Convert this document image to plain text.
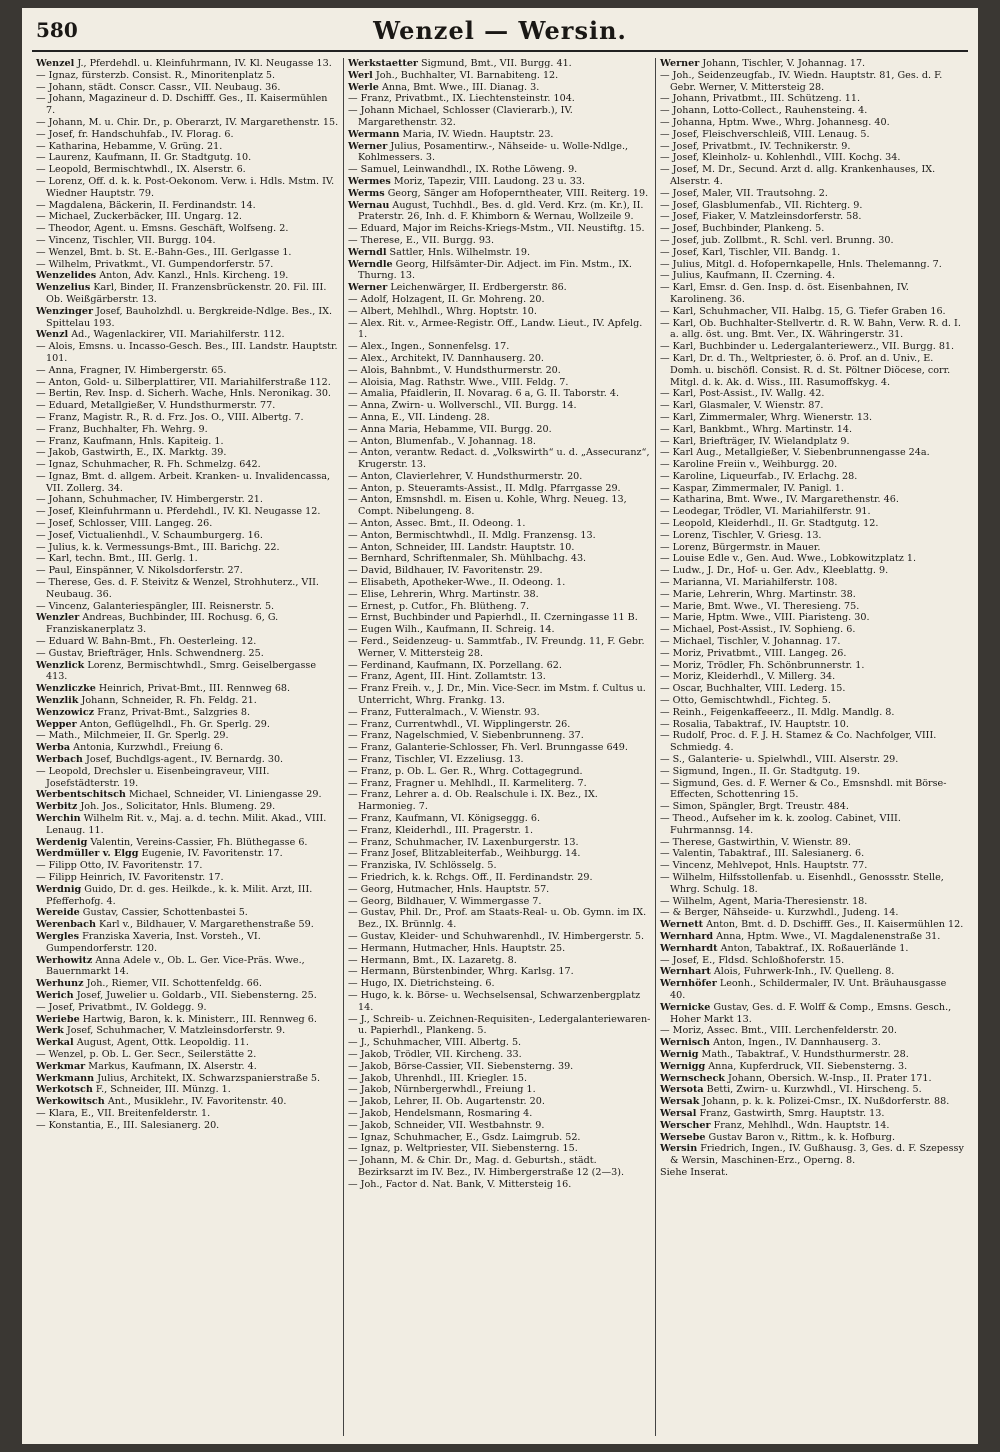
580	Wenzel — Wersin.

Wenzel J., Pferdehdl. u. Kleinfuhrmann, IV. Kl. Neugasse 13.

— Ignaz, fürsterzb. Consist. R., Minoritenplatz 5.

— Johann, städt. Conscr. Cassr., VII. Neubaug. 36.

— Johann, Magazineur d. D. Dschifff. Ges., II. Kaisermühlen 7.

— Johann, M. u. Chir. Dr., p. Oberarzt, IV. Margarethenstr. 15.

— Josef, fr. Handschuhfab., IV. Florag. 6.

— Katharina, Hebamme, V. Grüng. 21.

— Laurenz, Kaufmann, II. Gr. Stadtgutg. 10.

— Leopold, Bermischtwhdl., IX. Alserstr. 6.

— Lorenz, Off. d. k. k. Post-Oekonom. Verw. i. Hdls. Mstm. IV. Wiedner Hauptstr. 79.

— Magdalena, Bäckerin, II. Ferdinandstr. 14.

— Michael, Zuckerbäcker, III. Ungarg. 12.

— Theodor, Agent. u. Emsns. Geschäft, Wolfseng. 2.

— Vincenz, Tischler, VII. Burgg. 104.

— Wenzel, Bmt. b. St. E.-Bahn-Ges., III. Gerlgasse 1.

— Wilhelm, Privatkmt., VI. Gumpendorferstr. 57.

Wenzelides Anton, Adv. Kanzl., Hnls. Kircheng. 19.

Wenzelius Karl, Binder, II. Franzensbrückenstr. 20. Fil. III. Ob. Weißgärberstr. 13.

Wenzinger Josef, Bauholzhdl. u. Bergkreide-Ndlge. Bes., IX. Spittelau 193.

Wenzl Ad., Wagenlackirer, VII. Mariahilferstr. 112.

— Alois, Emsns. u. Incasso-Gesch. Bes., III. Landstr. Hauptstr. 101.

— Anna, Fragner, IV. Himbergerstr. 65.

— Anton, Gold- u. Silberplattirer, VII. Mariahilferstraße 112.

— Bertin, Rev. Insp. d. Sicherh. Wache, Hnls. Neronikag. 30.

— Eduard, Metallgießer, V. Hundsthurmerstr. 77.

— Franz, Magistr. R., R. d. Frz. Jos. O., VIII. Albertg. 7.

— Franz, Buchhalter, Fh. Wehrg. 9.

— Franz, Kaufmann, Hnls. Kapiteig. 1.

— Jakob, Gastwirth, E., IX. Marktg. 39.

— Ignaz, Schuhmacher, R. Fh. Schmelzg. 642.

— Ignaz, Bmt. d. allgem. Arbeit. Kranken- u. Invalidencassa, VII. Zollerg. 34.

— Johann, Schuhmacher, IV. Himbergerstr. 21.

— Josef, Kleinfuhrmann u. Pferdehdl., IV. Kl. Neugasse 12.

— Josef, Schlosser, VIII. Langeg. 26.

— Josef, Victualienhdl., V. Schaumburgerg. 16.

— Julius, k. k. Vermessungs-Bmt., III. Barichg. 22.

— Karl, techn. Bmt., III. Gerlg. 1.

— Paul, Einspänner, V. Nikolsdorferstr. 27.

— Therese, Ges. d. F. Steivitz & Wenzel, Strohhuterz., VII. Neubaug. 36.

— Vincenz, Galanteriespängler, III. Reisnerstr. 5.

Wenzler Andreas, Buchbinder, III. Rochusg. 6, G. Franziskanerplatz 3.

— Eduard W. Bahn-Bmt., Fh. Oesterleing. 12.

— Gustav, Briefträger, Hnls. Schwendnerg. 25.

Wenzlick Lorenz, Bermischtwhdl., Smrg. Geiselbergasse 413.

Wenzliczke Heinrich, Privat-Bmt., III. Rennweg 68.

Wenzlik Johann, Schneider, R. Fh. Feldg. 21.

Wenzowicz Franz, Privat-Bmt., Salzgries 8.

Wepper Anton, Geflügelhdl., Fh. Gr. Sperlg. 29.

— Math., Milchmeier, II. Gr. Sperlg. 29.

Werba Antonia, Kurzwhdl., Freiung 6.

Werbach Josef, Buchdlgs-agent., IV. Bernardg. 30.

— Leopold, Drechsler u. Eisenbeingraveur, VIII. Josefstädterstr. 19.

Werbentschitsch Michael, Schneider, VI. Liniengasse 29.

Werbitz Joh. Jos., Solicitator, Hnls. Blumeng. 29.

Werchin Wilhelm Rit. v., Maj. a. d. techn. Milit. Akad., VIII. Lenaug. 11.

Werdenig Valentin, Vereins-Cassier, Fh. Blüthegasse 6.

Werdmüller v. Elgg Eugenie, IV. Favoritenstr. 17.

— Filipp Otto, IV. Favoritenstr. 17.

— Filipp Heinrich, IV. Favoritenstr. 17.

Werdnig Guido, Dr. d. ges. Heilkde., k. k. Milit. Arzt, III. Pfefferhofg. 4.

Wereide Gustav, Cassier, Schottenbastei 5.

Werenbach Karl v., Bildhauer, V. Margarethenstraße 59.

Wergles Franziska Xaveria, Inst. Vorsteh., VI. Gumpendorferstr. 120.

Werhowitz Anna Adele v., Ob. L. Ger. Vice-Präs. Wwe., Bauernmarkt 14.

Werhunz Joh., Riemer, VII. Schottenfeldg. 66.

Werich Josef, Juwelier u. Goldarb., VII. Siebensterng. 25.

— Josef, Privatbmt., IV. Goldegg. 9.

Weriebe Hartwig, Baron, k. k. Ministerr., III. Rennweg 6.

Werk Josef, Schuhmacher, V. Matzleinsdorferstr. 9.

Werkal August, Agent, Ottk. Leopoldig. 11.

— Wenzel, p. Ob. L. Ger. Secr., Seilerstätte 2.

Werkmar Markus, Kaufmann, IX. Alserstr. 4.

Werkmann Julius, Architekt, IX. Schwarzspanierstraße 5.

Werkotsch F., Schneider, III. Münzg. 1.

Werkowitsch Ant., Musiklehr., IV. Favoritenstr. 40.

— Klara, E., VII. Breitenfelderstr. 1.

— Konstantia, E., III. Salesianerg. 20.

Werkstaetter Sigmund, Bmt., VII. Burgg. 41.

Werl Joh., Buchhalter, VI. Barnabiteng. 12.

Werle Anna, Bmt. Wwe., III. Dianag. 3.

— Franz, Privatbmt., IX. Liechtensteinstr. 104.

— Johann Michael, Schlosser (Clavierarb.), IV. Margarethenstr. 32.

Wermann Maria, IV. Wiedn. Hauptstr. 23.

Werner Julius, Posamentirw.-, Nähseide- u. Wolle-Ndlge., Kohlmessers. 3.

— Samuel, Leinwandhdl., IX. Rothe Löweng. 9.

Wermes Moriz, Tapezir, VIII. Laudong. 23 u. 33.

Werms Georg, Sänger am Hofoperntheater, VIII. Reiterg. 19.

Wernau August, Tuchhdl., Bes. d. gld. Verd. Krz. (m. Kr.), II. Praterstr. 26, Inh. d. F. Khimborn & Wernau, Wollzeile 9.

— Eduard, Major im Reichs-Kriegs-Mstm., VII. Neustiftg. 15.

— Therese, E., VII. Burgg. 93.

Werndl Sattler, Hnls. Wilhelmstr. 19.

Werndle Georg, Hilfsämter-Dir. Adject. im Fin. Mstm., IX. Thurng. 13.

Werner Leichenwärger, II. Erdbergerstr. 86.

— Adolf, Holzagent, II. Gr. Mohreng. 20.

— Albert, Mehlhdl., Whrg. Hoptstr. 10.

— Alex. Rit. v., Armee-Registr. Off., Landw. Lieut., IV. Apfelg. 1.

— Alex., Ingen., Sonnenfelsg. 17.

— Alex., Architekt, IV. Dannhauserg. 20.

— Alois, Bahnbmt., V. Hundsthurmerstr. 20.

— Aloisia, Mag. Rathstr. Wwe., VIII. Feldg. 7.

— Amalia, Pfaidlerin, II. Novarag. 6 a, G. II. Taborstr. 4.

— Anna, Zwirn- u. Wollverschl., VII. Burgg. 14.

— Anna, E., VII. Lindeng. 28.

— Anna Maria, Hebamme, VII. Burgg. 20.

— Anton, Blumenfab., V. Johannag. 18.

— Anton, verantw. Redact. d. „Volkswirth“ u. d. „Assecuranz“, Krugerstr. 13.

— Anton, Clavierlehrer, V. Hundsthurmerstr. 20.

— Anton, p. Steueramts-Assist., II. Mdlg. Pfarrgasse 29.

— Anton, Emsnshdl. m. Eisen u. Kohle, Whrg. Neueg. 13, Compt. Nibelungeng. 8.

— Anton, Assec. Bmt., II. Odeong. 1.

— Anton, Bermischtwhdl., II. Mdlg. Franzensg. 13.

— Anton, Schneider, III. Landstr. Hauptstr. 10.

— Bernhard, Schriftenmaler, Sh. Mühlbachg. 43.

— David, Bildhauer, IV. Favoritenstr. 29.

— Elisabeth, Apotheker-Wwe., II. Odeong. 1.

— Elise, Lehrerin, Whrg. Martinstr. 38.

— Ernest, p. Cutfor., Fh. Blütheng. 7.

— Ernst, Buchbinder und Papierhdl., II. Czerningasse 11 B.

— Eugen Wilh., Kaufmann, II. Schreig. 14.

— Ferd., Seidenzeug- u. Sammtfab., IV. Freundg. 11, F. Gebr. Werner, V. Mittersteig 28.

— Ferdinand, Kaufmann, IX. Porzellang. 62.

— Franz, Agent, III. Hint. Zollamtstr. 13.

— Franz Freih. v., J. Dr., Min. Vice-Secr. im Mstm. f. Cultus u. Unterricht, Whrg. Frankg. 13.

— Franz, Futteralmach., V. Wienstr. 93.

— Franz, Currentwhdl., VI. Wipplingerstr. 26.

— Franz, Nagelschmied, V. Siebenbrunneng. 37.

— Franz, Galanterie-Schlosser, Fh. Verl. Brunngasse 649.

— Franz, Tischler, VI. Ezzeliusg. 13.

— Franz, p. Ob. L. Ger. R., Whrg. Cottagegrund.

— Franz, Fragner u. Mehlhdl., II. Karmeliterg. 7.

— Franz, Lehrer a. d. Ob. Realschule i. IX. Bez., IX. Harmonieg. 7.

— Franz, Kaufmann, VI. Königseggg. 6.

— Franz, Kleiderhdl., III. Pragerstr. 1.

— Franz, Schuhmacher, IV. Laxenburgerstr. 13.

— Franz Josef, Blitzableiterfab., Weihburgg. 14.

— Franziska, IV. Schlösselg. 5.

— Friedrich, k. k. Rchgs. Off., II. Ferdinandstr. 29.

— Georg, Hutmacher, Hnls. Hauptstr. 57.

— Georg, Bildhauer, V. Wimmergasse 7.

— Gustav, Phil. Dr., Prof. am Staats-Real- u. Ob. Gymn. im IX. Bez., IX. Brünnlg. 4.

— Gustav, Kleider- und Schuhwarenhdl., IV. Himbergerstr. 5.

— Hermann, Hutmacher, Hnls. Hauptstr. 25.

— Hermann, Bmt., IX. Lazaretg. 8.

— Hermann, Bürstenbinder, Whrg. Karlsg. 17.

— Hugo, IX. Dietrichsteing. 6.

— Hugo, k. k. Börse- u. Wechselsensal, Schwarzenbergplatz 14.

— J., Schreib- u. Zeichnen-Requisiten-, Ledergalanteriewaren- u. Papierhdl., Plankeng. 5.

— J., Schuhmacher, VIII. Albertg. 5.

— Jakob, Trödler, VII. Kircheng. 33.

— Jakob, Börse-Cassier, VII. Siebensterng. 39.

— Jakob, Uhrenhdl., III. Kriegler. 15.

— Jakob, Nürnbergerwhdl., Freiung 1.

— Jakob, Lehrer, II. Ob. Augartenstr. 20.

— Jakob, Hendelsmann, Rosmaring 4.

— Jakob, Schneider, VII. Westbahnstr. 9.

— Ignaz, Schuhmacher, E., Gsdz. Laimgrub. 52.

— Ignaz, p. Weltpriester, VII. Siebensterng. 15.

— Johann, M. & Chir. Dr., Mag. d. Geburtsh., städt. Bezirksarzt im IV. Bez., IV. Himbergerstraße 12 (2—3).

— Joh., Factor d. Nat. Bank, V. Mittersteig 16.

Werner Johann, Tischler, V. Johannag. 17.

— Joh., Seidenzeugfab., IV. Wiedn. Hauptstr. 81, Ges. d. F. Gebr. Werner, V. Mittersteig 28.

— Johann, Privatbmt., III. Schützeng. 11.

— Johann, Lotto-Collect., Rauhensteing. 4.

— Johanna, Hptm. Wwe., Whrg. Johannesg. 40.

— Josef, Fleischverschleiß, VIII. Lenaug. 5.

— Josef, Privatbmt., IV. Technikerstr. 9.

— Josef, Kleinholz- u. Kohlenhdl., VIII. Kochg. 34.

— Josef, M. Dr., Secund. Arzt d. allg. Krankenhauses, IX. Alserstr. 4.

— Josef, Maler, VII. Trautsohng. 2.

— Josef, Glasblumenfab., VII. Richterg. 9.

— Josef, Fiaker, V. Matzleinsdorferstr. 58.

— Josef, Buchbinder, Plankeng. 5.

— Josef, jub. Zollbmt., R. Schl. verl. Brunng. 30.

— Josef, Karl, Tischler, VII. Bandg. 1.

— Julius, Mitgl. d. Hofopernkapelle, Hnls. Thelemanng. 7.

— Julius, Kaufmann, II. Czerning. 4.

— Karl, Emsr. d. Gen. Insp. d. öst. Eisenbahnen, IV. Karolineng. 36.

— Karl, Schuhmacher, VII. Halbg. 15, G. Tiefer Graben 16.

— Karl, Ob. Buchhalter-Stellvertr. d. R. W. Bahn, Verw. R. d. I. a. allg. öst. ung. Bmt. Ver., IX. Währingerstr. 31.

— Karl, Buchbinder u. Ledergalanteriewerz., VII. Burgg. 81.

— Karl, Dr. d. Th., Weltpriester, ö. ö. Prof. an d. Univ., E. Domh. u. bischöfl. Consist. R. d. St. Pöltner Diöcese, corr. Mitgl. d. k. Ak. d. Wiss., III. Rasumoffskyg. 4.

— Karl, Post-Assist., IV. Wallg. 42.

— Karl, Glasmaler, V. Wienstr. 87.

— Karl, Zimmermaler, Whrg. Wienerstr. 13.

— Karl, Bankbmt., Whrg. Martinstr. 14.

— Karl, Briefträger, IV. Wielandplatz 9.

— Karl Aug., Metallgießer, V. Siebenbrunnengasse 24a.

— Karoline Freiin v., Weihburgg. 20.

— Karoline, Liqueurfab., IV. Erlachg. 28.

— Kaspar, Zimmermaler, IV. Panigl. 1.

— Katharina, Bmt. Wwe., IV. Margarethenstr. 46.

— Leodegar, Trödler, VI. Mariahilferstr. 91.

— Leopold, Kleiderhdl., II. Gr. Stadtgutg. 12.

— Lorenz, Tischler, V. Griesg. 13.

— Lorenz, Bürgermstr. in Mauer.

— Louise Edle v., Gen. Aud. Wwe., Lobkowitzplatz 1.

— Ludw., J. Dr., Hof- u. Ger. Adv., Kleeblattg. 9.

— Marianna, VI. Mariahilferstr. 108.

— Marie, Lehrerin, Whrg. Martinstr. 38.

— Marie, Bmt. Wwe., VI. Theresieng. 75.

— Marie, Hptm. Wwe., VIII. Piaristeng. 30.

— Michael, Post-Assist., IV. Sophieng. 6.

— Michael, Tischler, V. Johannag. 17.

— Moriz, Privatbmt., VIII. Langeg. 26.

— Moriz, Trödler, Fh. Schönbrunnerstr. 1.

— Moriz, Kleiderhdl., V. Millerg. 34.

— Oscar, Buchhalter, VIII. Lederg. 15.

— Otto, Gemischtwhdl., Fichteg. 5.

— Reinh., Feigenkaffeeerz., II. Mdlg. Mandlg. 8.

— Rosalia, Tabaktraf., IV. Hauptstr. 10.

— Rudolf, Proc. d. F. J. H. Stamez & Co. Nachfolger, VIII. Schmiedg. 4.

— S., Galanterie- u. Spielwhdl., VIII. Alserstr. 29.

— Sigmund, Ingen., II. Gr. Stadtgutg. 19.

— Sigmund, Ges. d. F. Werner & Co., Emsnshdl. mit Börse-Effecten, Schottenring 15.

— Simon, Spängler, Brgt. Treustr. 484.

— Theod., Aufseher im k. k. zoolog. Cabinet, VIII. Fuhrmannsg. 14.

— Therese, Gastwirthin, V. Wienstr. 89.

— Valentin, Tabaktraf., III. Salesianerg. 6.

— Vincenz, Mehlvepot, Hnls. Hauptstr. 77.

— Wilhelm, Hilfsstollenfab. u. Eisenhdl., Genossstr. Stelle, Whrg. Schulg. 18.

— Wilhelm, Agent, Maria-Theresienstr. 18.

— & Berger, Nähseide- u. Kurzwhdl., Judeng. 14.

Wernett Anton, Bmt. d. D. Dschifff. Ges., II. Kaisermühlen 12.

Wernhard Anna, Hptm. Wwe., VI. Magdalenenstraße 31.

Wernhardt Anton, Tabaktraf., IX. Roßauerlände 1.

— Josef, E., Fldsd. Schloßhoferstr. 15.

Wernhart Alois, Fuhrwerk-Inh., IV. Quelleng. 8.

Wernhöfer Leonh., Schildermaler, IV. Unt. Bräuhausgasse 40.

Wernicke Gustav, Ges. d. F. Wolff & Comp., Emsns. Gesch., Hoher Markt 13.

— Moriz, Assec. Bmt., VIII. Lerchenfelderstr. 20.

Wernisch Anton, Ingen., IV. Dannhauserg. 3.

Wernig Math., Tabaktraf., V. Hundsthurmerstr. 28.

Wernigg Anna, Kupferdruck, VII. Siebensterng. 3.

Wernscheck Johann, Obersich. W.-Insp., II. Prater 171.

Wersota Betti, Zwirn- u. Kurzwhdl., VI. Hirscheng. 5.

Wersak Johann, p. k. k. Polizei-Cmsr., IX. Nußdorferstr. 88.

Wersal Franz, Gastwirth, Smrg. Hauptstr. 13.

Werscher Franz, Mehlhdl., Wdn. Hauptstr. 14.

Wersebe Gustav Baron v., Rittm., k. k. Hofburg.

Wersin Friedrich, Ingen., IV. Gußhausg. 3, Ges. d. F. Szepessy & Wersin, Maschinen-Erz., Operng. 8.

Siehe Inserat.
